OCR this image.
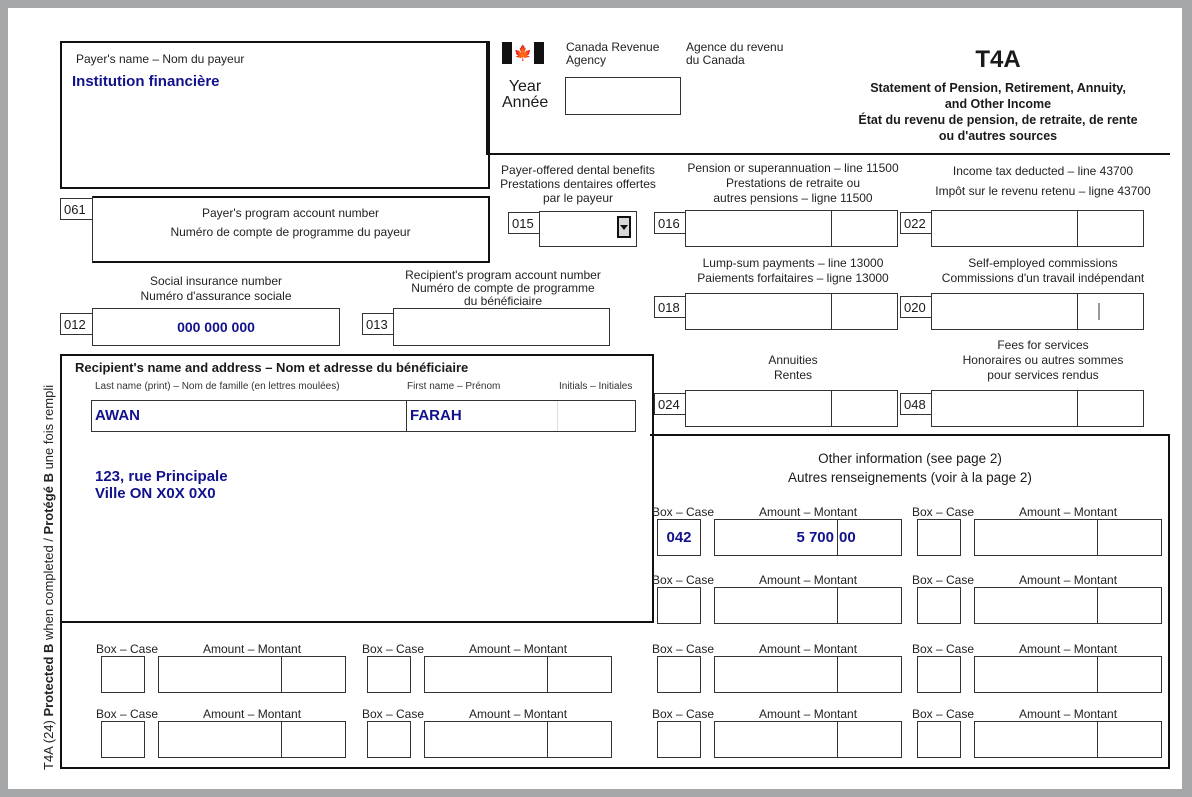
Payer's name – Nom du payeur
Institution financière
🍁	Canada Revenue
Agency
Agence du revenu
du Canada
Year
Année
T4A
Statement of Pension, Retirement, Annuity,
and Other Income
État du revenu de pension, de retraite, de rente
ou d'autres sources
061	Payer's program account number
Numéro de compte de programme du payeur
Payer-offered dental benefits
Prestations dentaires offertes
par le payeur
015
Pension or superannuation – line 11500
Prestations de retraite ou
autres pensions – ligne 11500
016
Income tax deducted – line 43700
Impôt sur le revenu retenu – ligne 43700
022
Social insurance number
Numéro d'assurance sociale
012	000 000 000
Recipient's program account number
Numéro de compte de programme
du bénéficiaire
013
Lump-sum payments – line 13000
Paiements forfaitaires – ligne 13000
018
Self-employed commissions
Commissions d'un travail indépendant
020
Annuities
Rentes
024
Fees for services
Honoraires ou autres sommes
pour services rendus
048
Recipient's name and address – Nom et adresse du bénéficiaire
Last name (print) – Nom de famille (en lettres moulées)	First name – Prénom	Initials – Initiales
AWAN	FARAH
123, rue Principale
Ville ON X0X 0X0
T4A (24) Protected B when completed / Protégé B une fois rempli	Other information (see page 2)
Autres renseignements (voir à la page 2)
Box – Case	Amount – Montant
042	5 700 00
Box – Case	Amount – Montant
Box – Case	Amount – Montant	Box – Case	Amount – Montant
Box – Case	Amount – Montant	Box – Case	Amount – Montant	Box – Case	Amount – Montant	Box – Case	Amount – Montant
Box – Case	Amount – Montant	Box – Case	Amount – Montant	Box – Case	Amount – Montant	Box – Case	Amount – Montant
